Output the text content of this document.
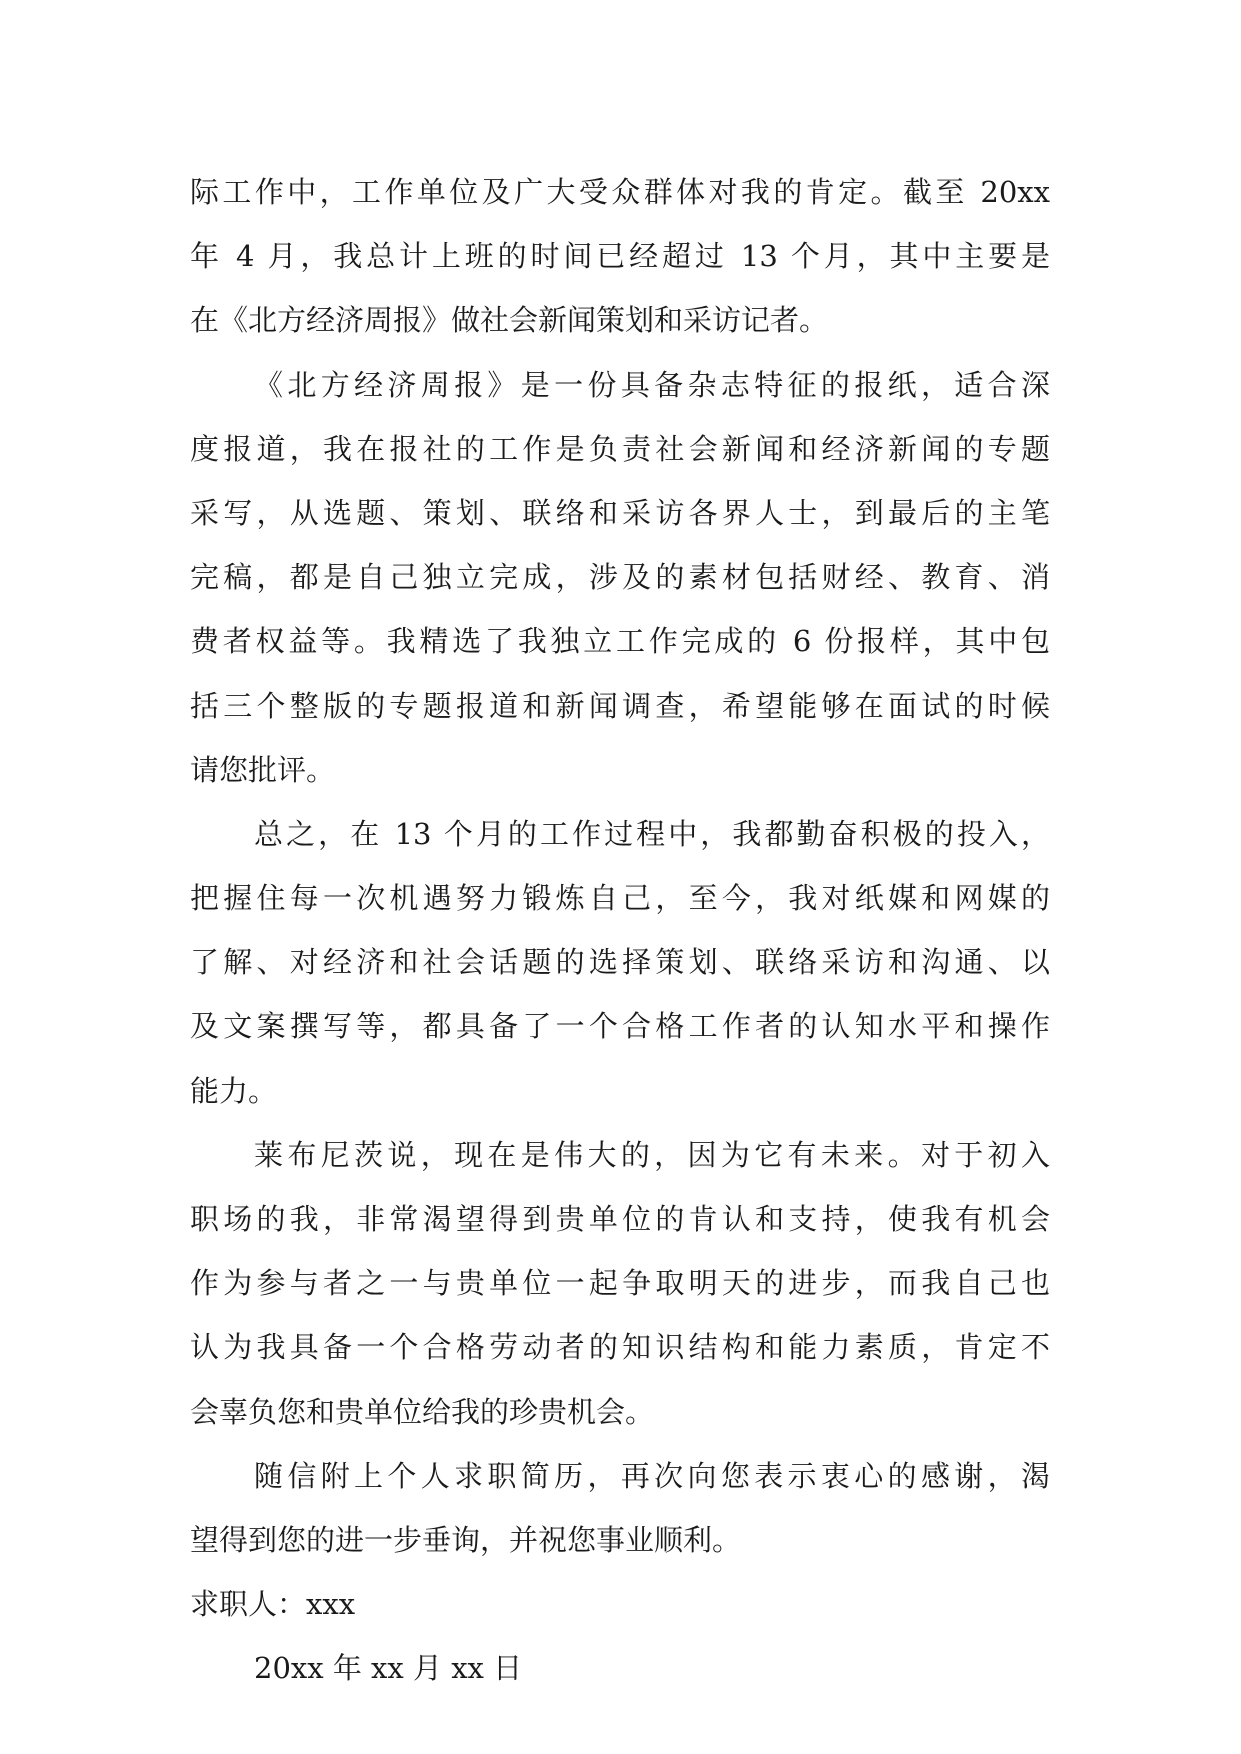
际工作中，工作单位及广大受众群体对我的肯定。截至 20xx
年 4 月，我总计上班的时间已经超过 13 个月，其中主要是
在《北方经济周报》做社会新闻策划和采访记者。
《北方经济周报》是一份具备杂志特征的报纸，适合深
度报道，我在报社的工作是负责社会新闻和经济新闻的专题
采写，从选题、策划、联络和采访各界人士，到最后的主笔
完稿，都是自己独立完成，涉及的素材包括财经、教育、消
费者权益等。我精选了我独立工作完成的 6 份报样，其中包
括三个整版的专题报道和新闻调查，希望能够在面试的时候
请您批评。
总之，在 13 个月的工作过程中，我都勤奋积极的投入，
把握住每一次机遇努力锻炼自己，至今，我对纸媒和网媒的
了解、对经济和社会话题的选择策划、联络采访和沟通、以
及文案撰写等，都具备了一个合格工作者的认知水平和操作
能力。
莱布尼茨说，现在是伟大的，因为它有未来。对于初入
职场的我，非常渴望得到贵单位的肯认和支持，使我有机会
作为参与者之一与贵单位一起争取明天的进步，而我自己也
认为我具备一个合格劳动者的知识结构和能力素质，肯定不
会辜负您和贵单位给我的珍贵机会。
随信附上个人求职简历，再次向您表示衷心的感谢，渴
望得到您的进一步垂询，并祝您事业顺利。
求职人：xxx
20xx 年 xx 月 xx 日
